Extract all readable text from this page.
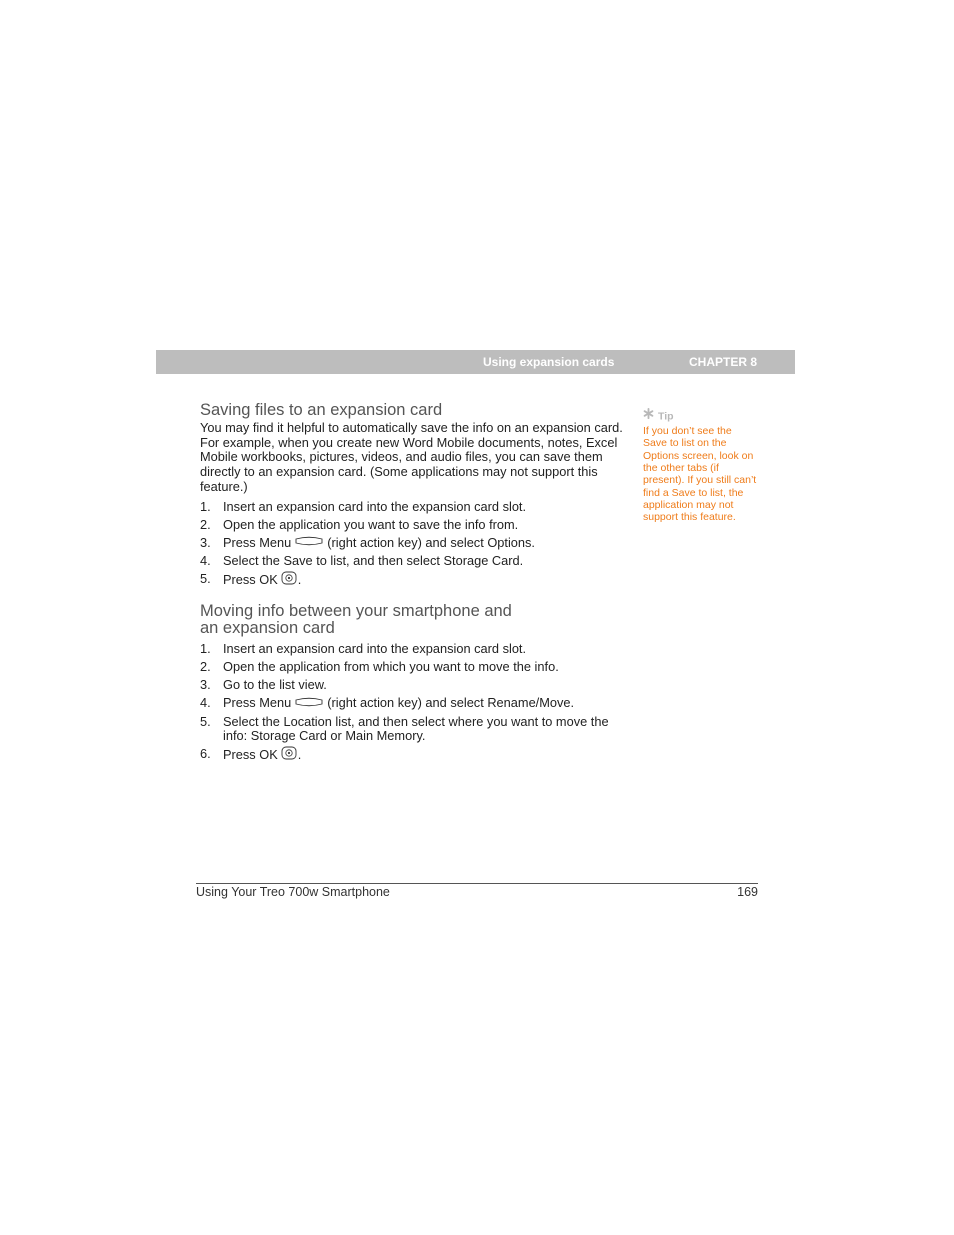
Using expansion cards	CHAPTER 8
Saving files to an expansion card

You may find it helpful to automatically save the info on an expansion card. For example, when you create new Word Mobile documents, notes, Excel Mobile workbooks, pictures, videos, and audio files, you can save them directly to an expansion card. (Some applications may not support this feature.)

1. Insert an expansion card into the expansion card slot.
2. Open the application you want to save the info from.
3. Press Menu	(right action key) and select Options.
4. Select the Save to list, and then select Storage Card.
5. Press OK .
Moving info between your smartphone and
an expansion card
1. Insert an expansion card into the expansion card slot.
2. Open the application from which you want to move the info.
3. Go to the list view.
4. Press Menu	(right action key) and select Rename/Move.
5. Select the Location list, and then select where you want to move the info: Storage Card or Main Memory.
6. Press OK .
Tip
If you don’t see the Save to list on the Options screen, look on the other tabs (if present). If you still can’t find a Save to list, the application may not support this feature.
Using Your Treo 700w Smartphone	169
